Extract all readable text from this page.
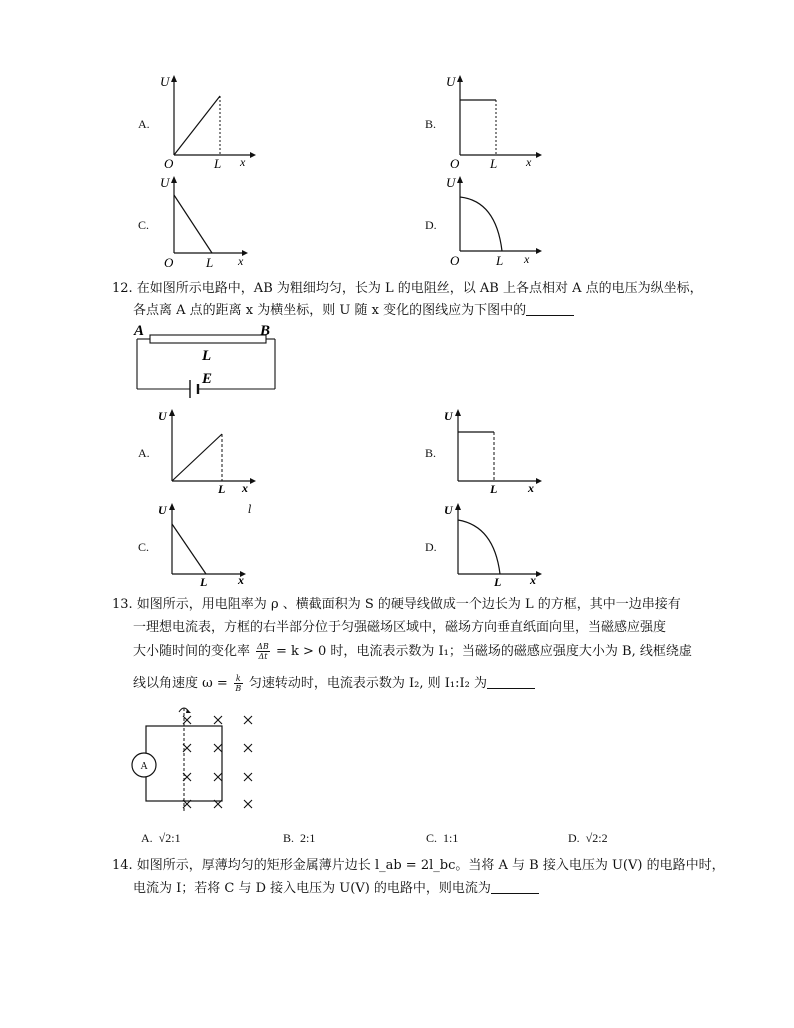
A.
U
O	L x
B.
U
O L x
C.
U
O	L x
D.
U
O	L x
12. 在如图所示电路中，AB 为粗细均匀，长为 L 的电阻丝，以 AB 上各点相对 A 点的电压为纵坐标，
各点离 A 点的距离 x 为横坐标，则 U 随 x 变化的图线应为下图中的
A	B
L
E
A.
U
L x
B.
U
L	x
C.
U
L	x
l
D.
U
L x
13. 如图所示，用电阻率为 ρ 、横截面积为 S 的硬导线做成一个边长为 L 的方框，其中一边串接有
一理想电流表，方框的右半部分位于匀强磁场区域中，磁场方向垂直纸面向里，当磁感应强度
大小随时间的变化率 $\frac{\Delta B}{\Delta t} = k > 0$ 时，电流表示数为 I₁；当磁场的磁感应强度大小为 B, 线框绕虚
线以角速度 $\omega = \frac{k}{B}$ 匀速转动时，电流表示数为 I₂, 则 I₁:I₂ 为
A
A. √2:1	B. 2:1	C. 1:1	D. √2:2
14. 如图所示，厚薄均匀的矩形金属薄片边长 l_ab = 2l_bc。当将 A 与 B 接入电压为 U(V) 的电路中时，
电流为 I；若将 C 与 D 接入电压为 U(V) 的电路中，则电流为
